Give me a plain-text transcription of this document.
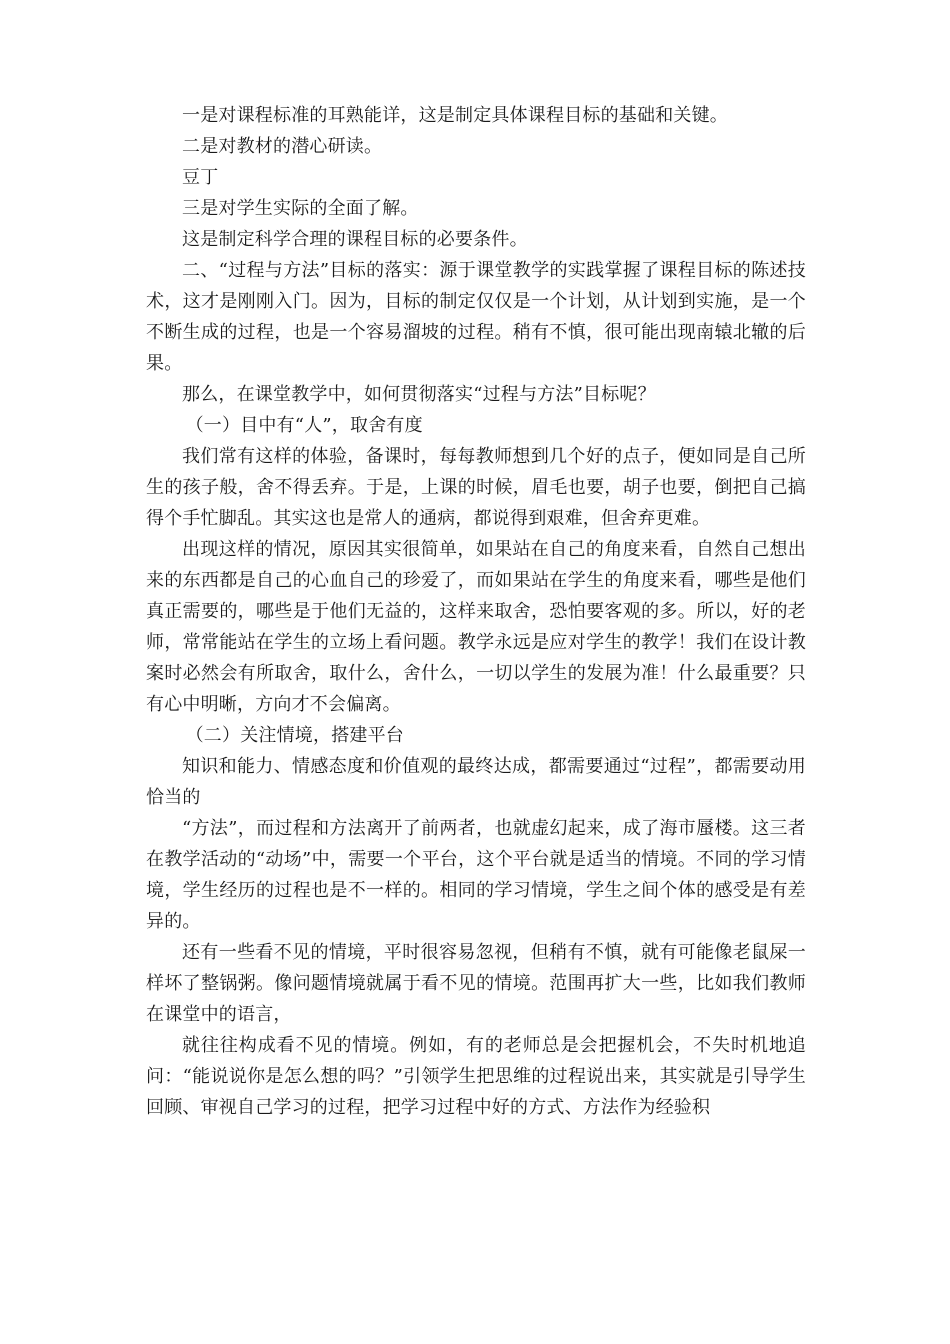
一是对课程标准的耳熟能详，这是制定具体课程目标的基础和关键。

二是对教材的潜心研读。

豆丁

三是对学生实际的全面了解。

这是制定科学合理的课程目标的必要条件。

二、“过程与方法”目标的落实：源于课堂教学的实践掌握了课程目标的陈述技术，这才是刚刚入门。因为，目标的制定仅仅是一个计划，从计划到实施，是一个不断生成的过程，也是一个容易溜坡的过程。稍有不慎，很可能出现南辕北辙的后果。

那么，在课堂教学中，如何贯彻落实“过程与方法”目标呢？

（一）目中有“人”，取舍有度

我们常有这样的体验，备课时，每每教师想到几个好的点子，便如同是自己所生的孩子般，舍不得丢弃。于是，上课的时候，眉毛也要，胡子也要，倒把自己搞得个手忙脚乱。其实这也是常人的通病，都说得到艰难，但舍弃更难。

出现这样的情况，原因其实很简单，如果站在自己的角度来看，自然自己想出来的东西都是自己的心血自己的珍爱了，而如果站在学生的角度来看，哪些是他们真正需要的，哪些是于他们无益的，这样来取舍，恐怕要客观的多。所以，好的老师，常常能站在学生的立场上看问题。教学永远是应对学生的教学！我们在设计教案时必然会有所取舍，取什么，舍什么，一切以学生的发展为准！什么最重要？只有心中明晰，方向才不会偏离。

（二）关注情境，搭建平台

知识和能力、情感态度和价值观的最终达成，都需要通过“过程”，都需要动用恰当的

“方法”，而过程和方法离开了前两者，也就虚幻起来，成了海市蜃楼。这三者在教学活动的“动场”中，需要一个平台，这个平台就是适当的情境。不同的学习情境，学生经历的过程也是不一样的。相同的学习情境，学生之间个体的感受是有差异的。

还有一些看不见的情境，平时很容易忽视，但稍有不慎，就有可能像老鼠屎一样坏了整锅粥。像问题情境就属于看不见的情境。范围再扩大一些，比如我们教师在课堂中的语言，

就往往构成看不见的情境。例如，有的老师总是会把握机会，不失时机地追问：“能说说你是怎么想的吗？”引领学生把思维的过程说出来，其实就是引导学生回顾、审视自己学习的过程，把学习过程中好的方式、方法作为经验积
